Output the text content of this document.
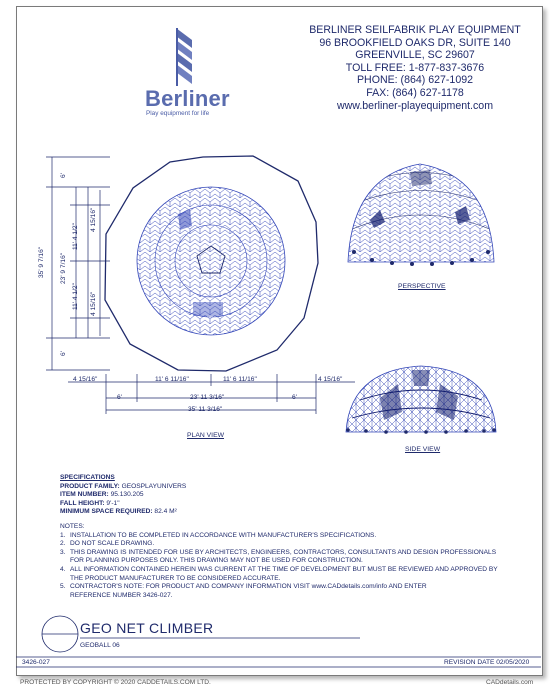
BERLINER SEILFABRIK PLAY EQUIPMENT
96 BROOKFIELD OAKS DR, SUITE 140
GREENVILLE, SC 29607
TOLL FREE: 1-877-837-3676
PHONE: (864) 627-1092
FAX: (864) 627-1178
www.berliner-playequipment.com
Berliner
Play equipment for life
35' 9 7/16"
6'
23' 9 7/16"
6'
11' 4 1/2"
11' 4 1/2"
4 15/16"
4 15/16"
4 15/16"	11' 6 11/16"	11' 6 11/16"	4 15/16"
6'	23' 11 3/16"	6'
35' 11 3/16"
PLAN VIEW
PERSPECTIVE
SIDE VIEW
SPECIFICATIONS
PRODUCT FAMILY: GEOSPLAYUNIVERS
ITEM NUMBER: 95.130.205
FALL HEIGHT: 9'-1"
MINIMUM SPACE REQUIRED: 82.4 M²
NOTES:
1. INSTALLATION TO BE COMPLETED IN ACCORDANCE WITH MANUFACTURER'S SPECIFICATIONS.
2. DO NOT SCALE DRAWING.
3. THIS DRAWING IS INTENDED FOR USE BY ARCHITECTS, ENGINEERS, CONTRACTORS, CONSULTANTS AND DESIGN PROFESSIONALS
FOR PLANNING PURPOSES ONLY. THIS DRAWING MAY NOT BE USED FOR CONSTRUCTION.
4. ALL INFORMATION CONTAINED HEREIN WAS CURRENT AT THE TIME OF DEVELOPMENT BUT MUST BE REVIEWED AND APPROVED BY
THE PRODUCT MANUFACTURER TO BE CONSIDERED ACCURATE.
5. CONTRACTOR'S NOTE: FOR PRODUCT AND COMPANY INFORMATION VISIT www.CADdetails.com/info AND ENTER
REFERENCE NUMBER 3426-027.
GEO NET CLIMBER
GEOBALL 06
3426-027	REVISION DATE 02/05/2020
PROTECTED BY COPYRIGHT © 2020 CADDETAILS.COM LTD.	CADdetails.com
